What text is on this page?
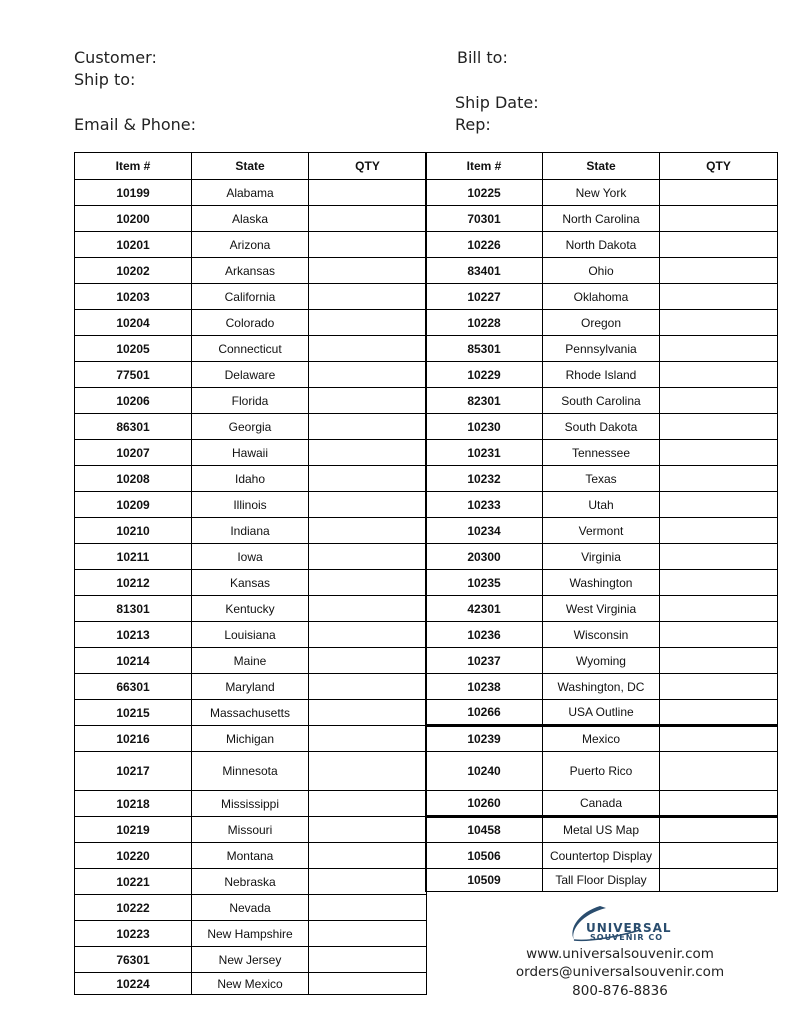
Customer:
Ship to:
Email & Phone:
Bill to:
Ship Date:
Rep:
Item #	State	QTY
10199	Alabama	
10200	Alaska	
10201	Arizona	
10202	Arkansas	
10203	California	
10204	Colorado	
10205	Connecticut	
77501	Delaware	
10206	Florida	
86301	Georgia	
10207	Hawaii	
10208	Idaho	
10209	Illinois	
10210	Indiana	
10211	Iowa	
10212	Kansas	
81301	Kentucky	
10213	Louisiana	
10214	Maine	
66301	Maryland	
10215	Massachusetts	
10216	Michigan	
10217	Minnesota	
10218	Mississippi	
10219	Missouri	
10220	Montana	
10221	Nebraska	
10222	Nevada	
10223	New Hampshire	
76301	New Jersey	
10224	New Mexico	
Item #	State	QTY
10225	New York	
70301	North Carolina	
10226	North Dakota	
83401	Ohio	
10227	Oklahoma	
10228	Oregon	
85301	Pennsylvania	
10229	Rhode Island	
82301	South Carolina	
10230	South Dakota	
10231	Tennessee	
10232	Texas	
10233	Utah	
10234	Vermont	
20300	Virginia	
10235	Washington	
42301	West Virginia	
10236	Wisconsin	
10237	Wyoming	
10238	Washington, DC	
10266	USA Outline	
10239	Mexico	
10240	Puerto Rico	
10260	Canada	
10458	Metal US Map	
10506	Countertop Display	
10509	Tall Floor Display	
UNIVERSAL
SOUVENIR CO
www.universalsouvenir.com
orders@universalsouvenir.com
800-876-8836
